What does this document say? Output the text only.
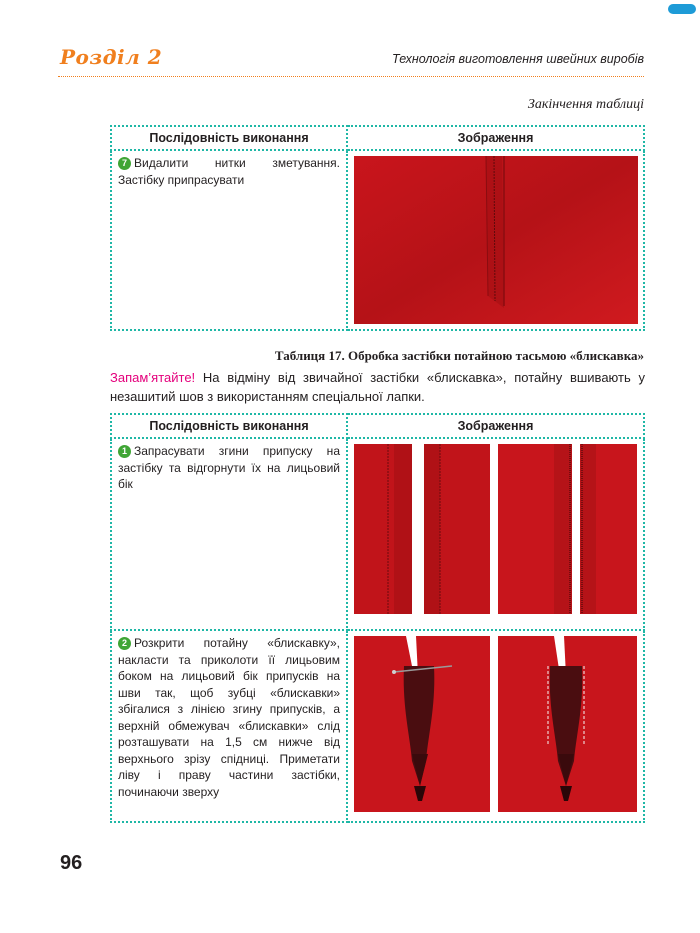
Розділ 2	Технологія виготовлення швейних виробів
Закінчення таблиці
Послідовність виконання	Зображення
7 Видалити нитки зметування. Застібку припрасувати	
Таблиця 17. Обробка застібки потайною тасьмою «блискавка»
Запам’ятайте! На відміну від звичайної застібки «блискавка», потайну вшивають у незашитий шов з використанням спеціальної лапки.
Послідовність виконання	Зображення
1 Запрасувати згини припуску на застібку та відгорнути їх на лицьовий бік	

2 Розкрити потайну «блискавку», накласти та приколоти її лицьовим боком на лицьовий бік припусків на шви так, щоб зубці «блискавки» збігалися з лінією згину припусків, а верхній обмежувач «блискавки» слід розташувати на 1,5 см нижче від верхнього зрізу спідниці. Приметати ліву і праву частини застібки, починаючи зверху	
96
